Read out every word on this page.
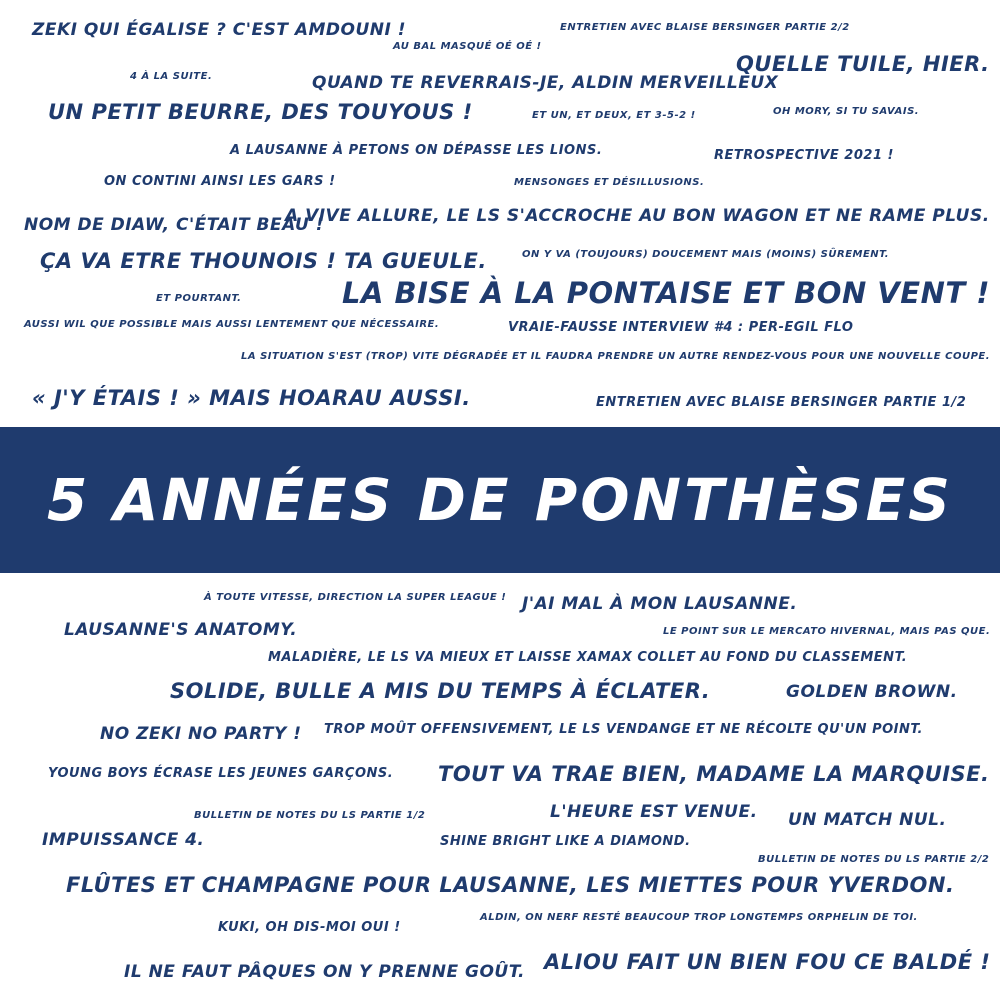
ZEKI QUI ÉGALISE ? C'EST AMDOUNI !	ENTRETIEN AVEC BLAISE BERSINGER PARTIE 2/2
AU BAL MASQUÉ OÉ OÉ !
QUELLE TUILE, HIER.
4 À LA SUITE.	QUAND TE REVERRAIS-JE, ALDIN MERVEILLEUX
UN PETIT BEURRE, DES TOUYOUS !	ET UN, ET DEUX, ET 3-5-2 !	OH MORY, SI TU SAVAIS.
A LAUSANNE À PETONS ON DÉPASSE LES LIONS.	RETROSPECTIVE 2021 !
ON CONTINI AINSI LES GARS !	MENSONGES ET DÉSILLUSIONS.
NOM DE DIAW, C'ÉTAIT BEAU !
A VIVE ALLURE, LE LS S'ACCROCHE AU BON WAGON ET NE RAME PLUS.
ÇA VA ETRE THOUNOIS ! TA GUEULE.	ON Y VA (TOUJOURS) DOUCEMENT MAIS (MOINS) SÛREMENT.
ET POURTANT.	LA BISE À LA PONTAISE ET BON VENT !
AUSSI WIL QUE POSSIBLE MAIS AUSSI LENTEMENT QUE NÉCESSAIRE.	VRAIE-FAUSSE INTERVIEW #4 : PER-EGIL FLO
LA SITUATION S'EST (TROP) VITE DÉGRADÉE ET IL FAUDRA PRENDRE UN AUTRE RENDEZ-VOUS POUR UNE NOUVELLE COUPE.
« J'Y ÉTAIS ! » MAIS HOARAU AUSSI.	ENTRETIEN AVEC BLAISE BERSINGER PARTIE 1/2
5 ANNÉES DE PONTHÈSES
À TOUTE VITESSE, DIRECTION LA SUPER LEAGUE ! J'AI MAL À MON LAUSANNE.
LAUSANNE'S ANATOMY.	LE POINT SUR LE MERCATO HIVERNAL, MAIS PAS QUE.
MALADIÈRE, LE LS VA MIEUX ET LAISSE XAMAX COLLET AU FOND DU CLASSEMENT.
SOLIDE, BULLE A MIS DU TEMPS À ÉCLATER.	GOLDEN BROWN.
NO ZEKI NO PARTY ! TROP MOÛT OFFENSIVEMENT, LE LS VENDANGE ET NE RÉCOLTE QU'UN POINT.
YOUNG BOYS ÉCRASE LES JEUNES GARÇONS. TOUT VA TRAE BIEN, MADAME LA MARQUISE.
BULLETIN DE NOTES DU LS PARTIE 1/2	L'HEURE EST VENUE. UN MATCH NUL.
IMPUISSANCE 4.	SHINE BRIGHT LIKE A DIAMOND.
BULLETIN DE NOTES DU LS PARTIE 2/2
FLÛTES ET CHAMPAGNE POUR LAUSANNE, LES MIETTES POUR YVERDON.
KUKI, OH DIS-MOI OUI !
ALDIN, ON NERF RESTÉ BEAUCOUP TROP LONGTEMPS ORPHELIN DE TOI.
IL NE FAUT PÂQUES ON Y PRENNE GOÛT. ALIOU FAIT UN BIEN FOU CE BALDÉ !
